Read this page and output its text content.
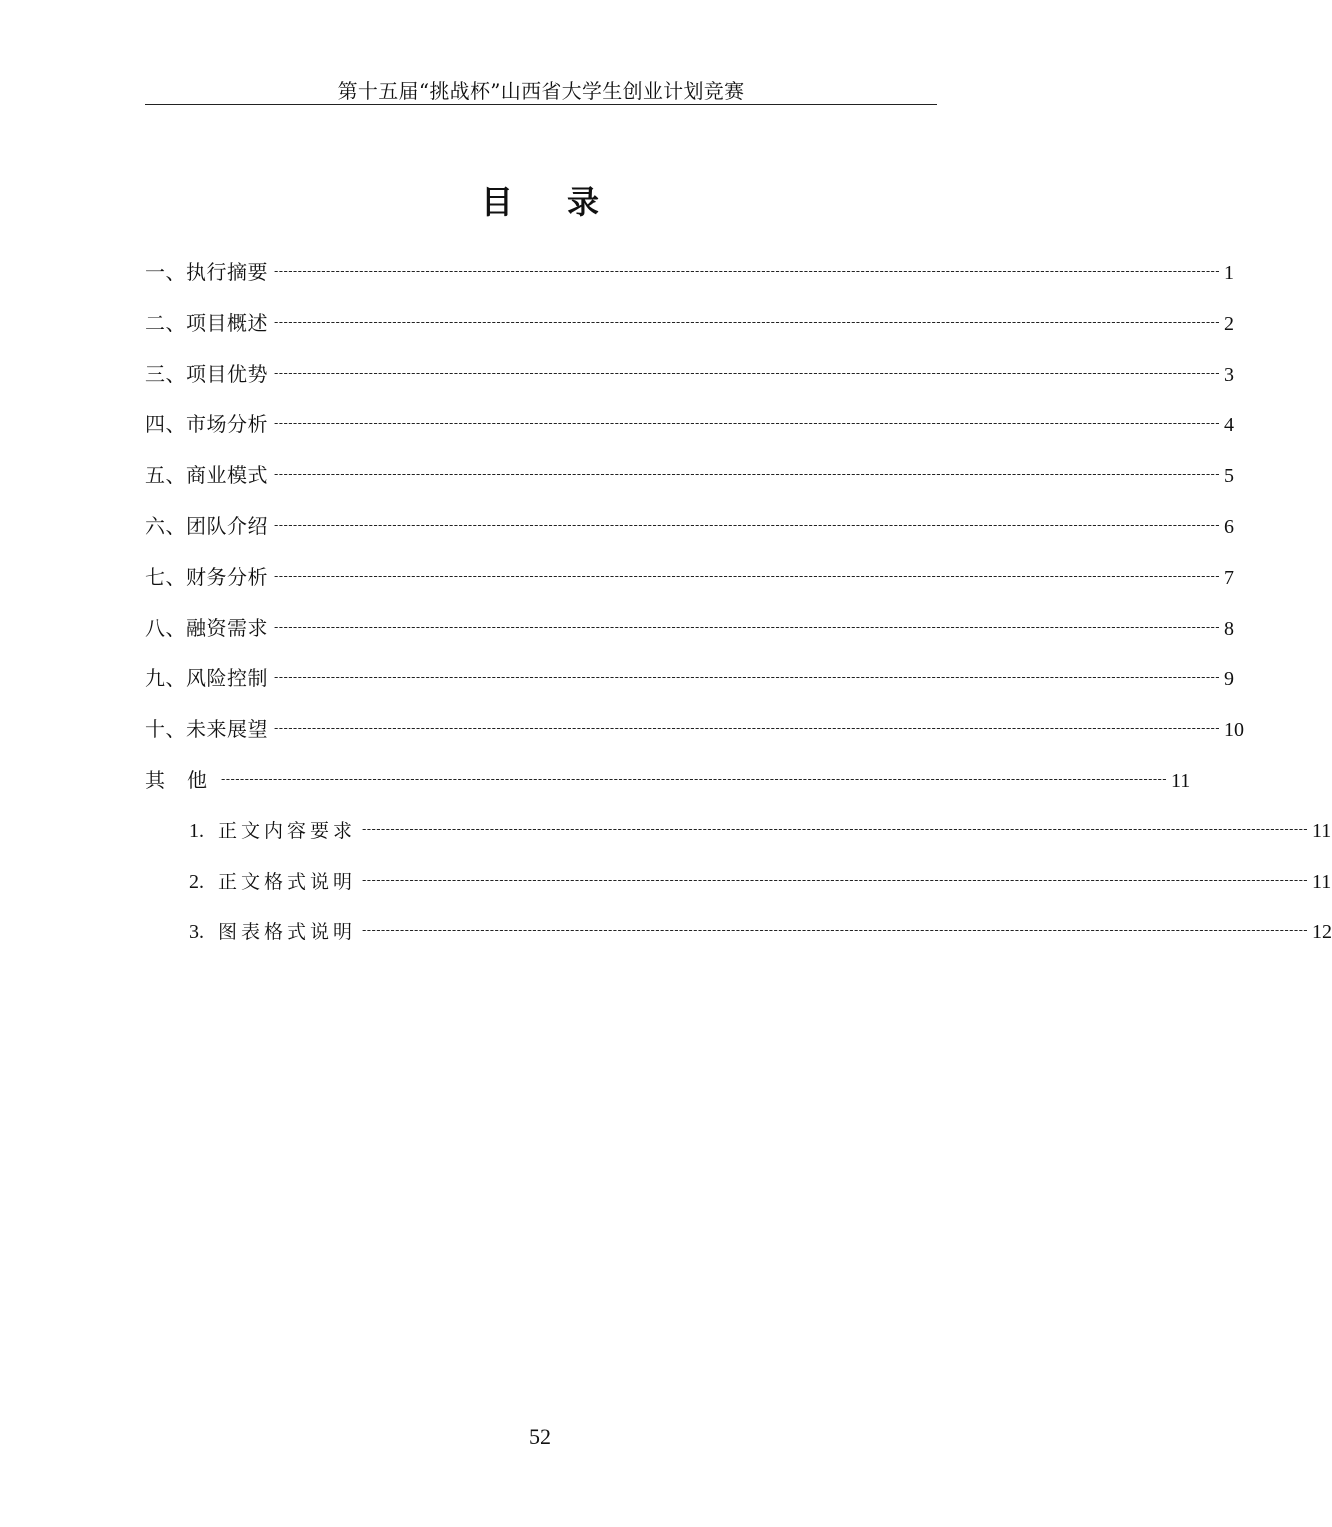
第十五届“挑战杯”山西省大学生创业计划竞赛
目录
一、执行摘要 -------------------------------------------------------------------------------------------------------------------------------------------------------------------------------------------------------- 1
二、项目概述 -------------------------------------------------------------------------------------------------------------------------------------------------------------------------------------------------------- 2
三、项目优势 -------------------------------------------------------------------------------------------------------------------------------------------------------------------------------------------------------- 3
四、市场分析 -------------------------------------------------------------------------------------------------------------------------------------------------------------------------------------------------------- 4
五、商业模式 -------------------------------------------------------------------------------------------------------------------------------------------------------------------------------------------------------- 5
六、团队介绍 -------------------------------------------------------------------------------------------------------------------------------------------------------------------------------------------------------- 6
七、财务分析 -------------------------------------------------------------------------------------------------------------------------------------------------------------------------------------------------------- 7
八、融资需求 -------------------------------------------------------------------------------------------------------------------------------------------------------------------------------------------------------- 8
九、风险控制 -------------------------------------------------------------------------------------------------------------------------------------------------------------------------------------------------------- 9
十、未来展望 -------------------------------------------------------------------------------------------------------------------------------------------------------------------------------------------------------- 10
其他
-------------------------------------------------------------------------------------------------------------------------------------------------------------------------------------------------------- 11
1. 正文内容要求 -------------------------------------------------------------------------------------------------------------------------------------------------------------------------------------------------------- 11
2. 正文格式说明 -------------------------------------------------------------------------------------------------------------------------------------------------------------------------------------------------------- 11
3. 图表格式说明 -------------------------------------------------------------------------------------------------------------------------------------------------------------------------------------------------------- 12
52
